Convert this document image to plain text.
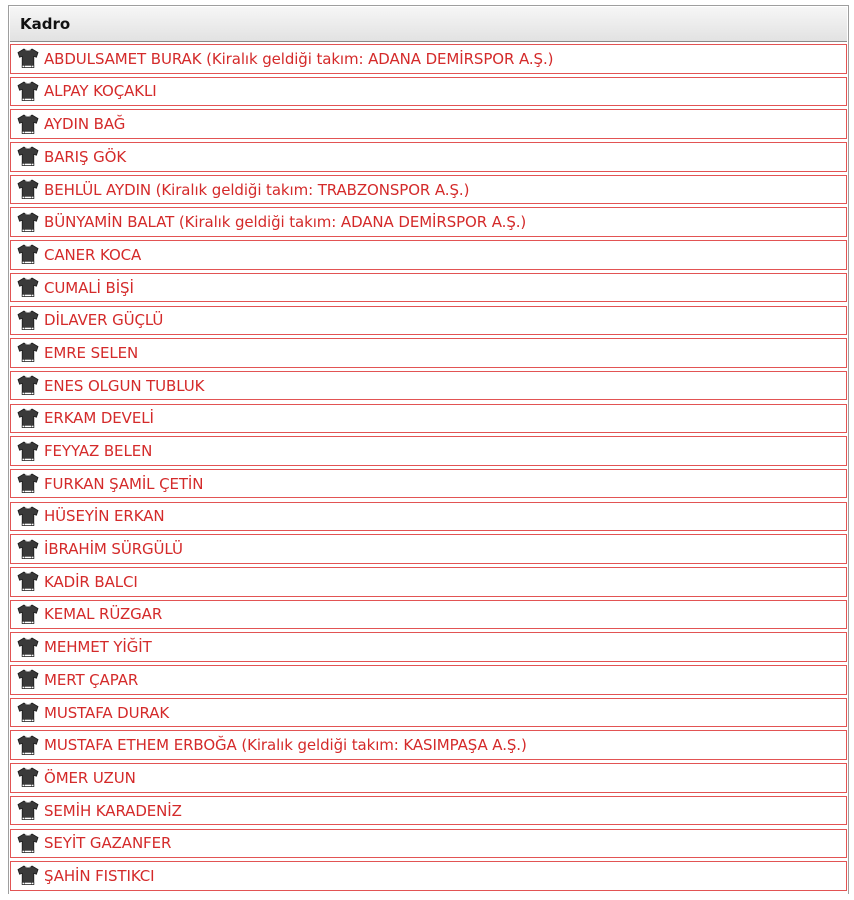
Kadro
ABDULSAMET BURAK (Kiralık geldiği takım: ADANA DEMİRSPOR A.Ş.)
ALPAY KOÇAKLI
AYDIN BAĞ
BARIŞ GÖK
BEHLÜL AYDIN (Kiralık geldiği takım: TRABZONSPOR A.Ş.)
BÜNYAMİN BALAT (Kiralık geldiği takım: ADANA DEMİRSPOR A.Ş.)
CANER KOCA
CUMALİ BİŞİ
DİLAVER GÜÇLÜ
EMRE SELEN
ENES OLGUN TUBLUK
ERKAM DEVELİ
FEYYAZ BELEN
FURKAN ŞAMİL ÇETİN
HÜSEYİN ERKAN
İBRAHİM SÜRGÜLÜ
KADİR BALCI
KEMAL RÜZGAR
MEHMET YİĞİT
MERT ÇAPAR
MUSTAFA DURAK
MUSTAFA ETHEM ERBOĞA (Kiralık geldiği takım: KASIMPAŞA A.Ş.)
ÖMER UZUN
SEMİH KARADENİZ
SEYİT GAZANFER
ŞAHİN FISTIKCI
